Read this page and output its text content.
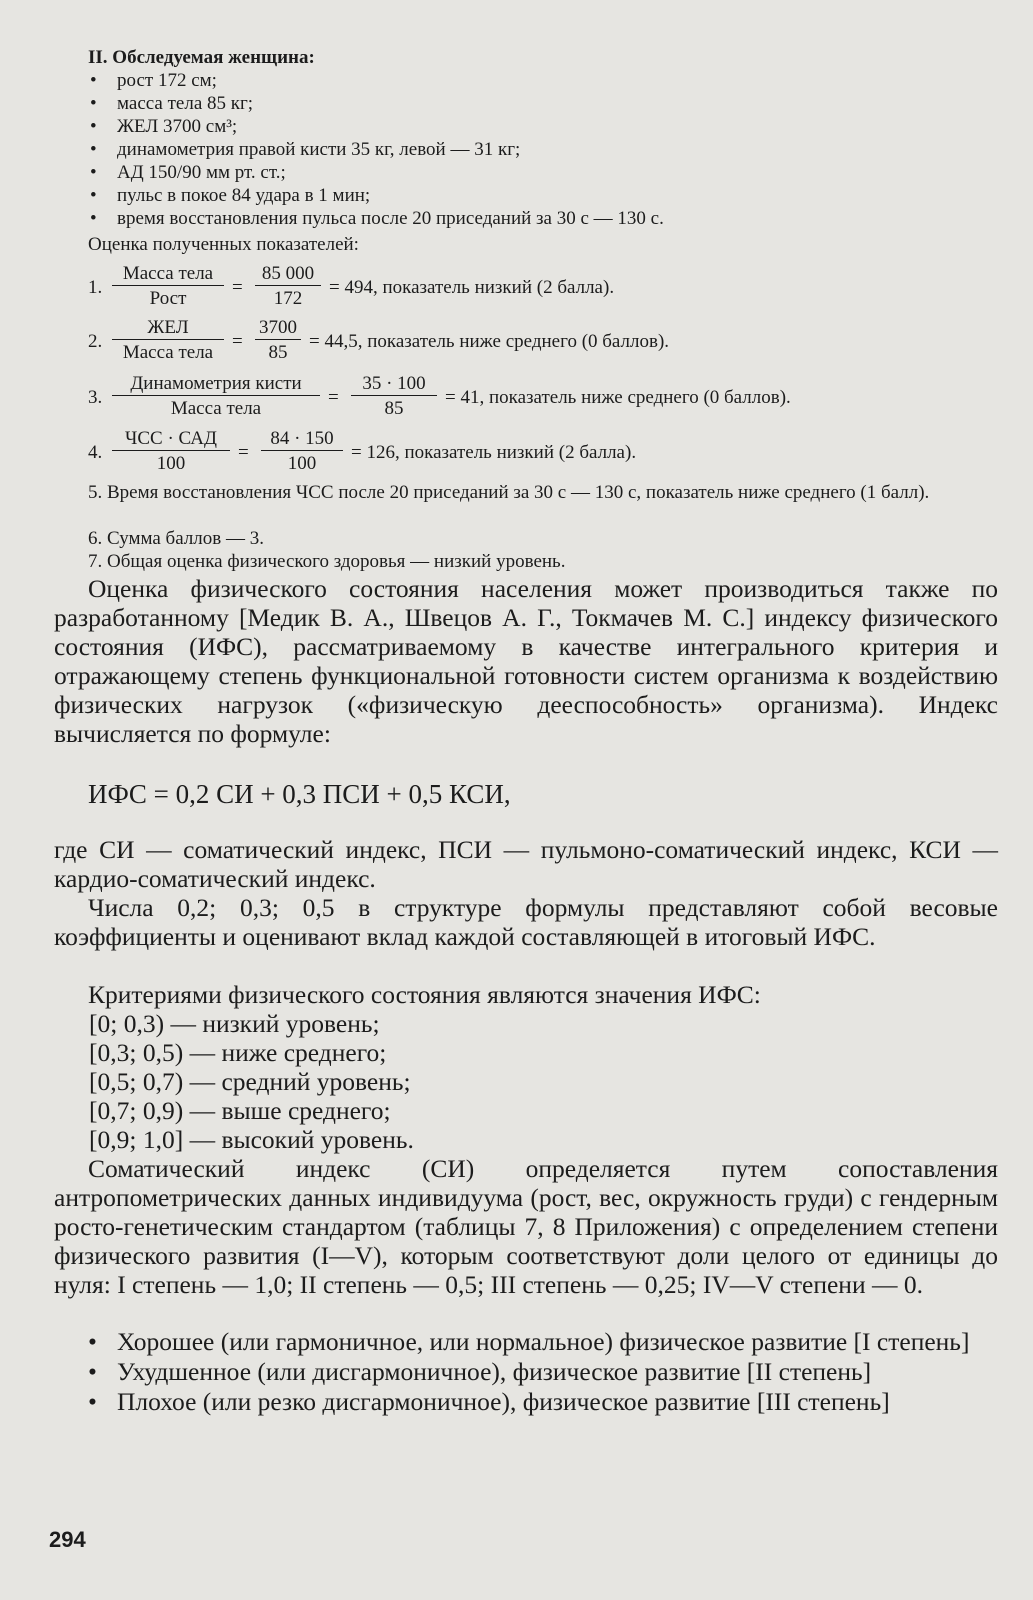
II. Обследуемая женщина:
• рост 172 см;
• масса тела 85 кг;
• ЖЕЛ 3700 см³;
• динамометрия правой кисти 35 кг, левой — 31 кг;
• АД 150/90 мм рт. ст.;
• пульс в покое 84 удара в 1 мин;
• время восстановления пульса после 20 приседаний за 30 с — 130 с.
Оценка полученных показателей:
1.
Масса тела
Рост
= $\frac{85 000}{172} = 494$, показатель низкий (2 балла).
2.
ЖЕЛ
Масса тела
= $\frac{3700}{85} = 44,5$, показатель ниже среднего (0 баллов).
3.
Динамометрия кисти
Масса тела
= $\frac{35 \cdot 100}{85} = 41$, показатель ниже среднего (0 баллов).
4.
ЧСС · САД
100
= $\frac{84 \cdot 150}{100} = 126$, показатель низкий (2 балла).
5. Время восстановления ЧСС после 20 приседаний за 30 с — 130 с, показатель ниже среднего (1 балл).
6. Сумма баллов — 3.
7. Общая оценка физического здоровья — низкий уровень.

Оценка физического состояния населения может производиться также по разработанному [Медик В. А., Швецов А. Г., Токмачев М. С.] индексу физического состояния (ИФС), рассматриваемому в качестве интегрального критерия и отражающему степень функциональной готовности систем организма к воздействию физических нагрузок («физическую дееспособность» организма). Индекс вычисляется по формуле:

ИФС = 0,2 СИ + 0,3 ПСИ + 0,5 КСИ,

где СИ — соматический индекс, ПСИ — пульмоно-соматический индекс, КСИ — кардио-соматический индекс.

Числа 0,2; 0,3; 0,5 в структуре формулы представляют собой весовые коэффициенты и оценивают вклад каждой составляющей в итоговый ИФС.

Критериями физического состояния являются значения ИФС:

[0; 0,3) — низкий уровень;
[0,3; 0,5) — ниже среднего;
[0,5; 0,7) — средний уровень;
[0,7; 0,9) — выше среднего;
[0,9; 1,0] — высокий уровень.

Соматический индекс (СИ) определяется путем сопоставления антропометрических данных индивидуума (рост, вес, окружность груди) с гендерным росто-генетическим стандартом (таблицы 7, 8 Приложения) с определением степени физического развития (I—V), которым соответствуют доли целого от единицы до нуля: I степень — 1,0; II степень — 0,5; III степень — 0,25; IV—V степени — 0.

• Хорошее (или гармоничное, или нормальное) физическое развитие [I степень]
• Ухудшенное (или дисгармоничное), физическое развитие [II степень]
• Плохое (или резко дисгармоничное), физическое развитие [III степень]
294
